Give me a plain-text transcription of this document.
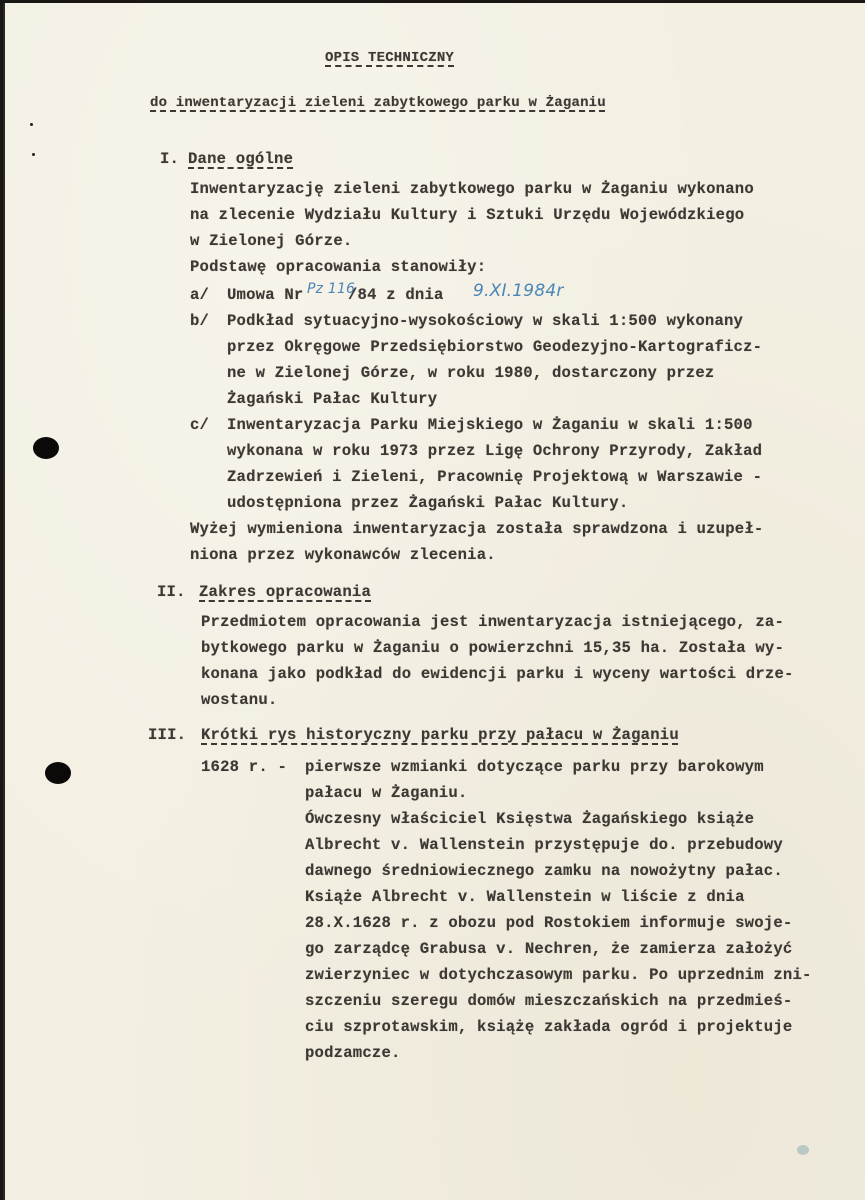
OPIS TECHNICZNY
do inwentaryzacji zieleni zabytkowego parku w Żaganiu
I. Dane ogólne
Inwentaryzację zieleni zabytkowego parku w Żaganiu wykonano
na zlecenie Wydziału Kultury i Sztuki Urzędu Wojewódzkiego
w Zielonej Górze.
Podstawę opracowania stanowiły:
a/ Umowa Nr Pz 116
/84 z dnia 9.XI.1984r
b/ Podkład sytuacyjno-wysokościowy w skali 1:500 wykonany
przez Okręgowe Przedsiębiorstwo Geodezyjno-Kartograficz-
ne w Zielonej Górze, w roku 1980, dostarczony przez
Żagański Pałac Kultury
c/ Inwentaryzacja Parku Miejskiego w Żaganiu w skali 1:500
wykonana w roku 1973 przez Ligę Ochrony Przyrody, Zakład
Zadrzewień i Zieleni, Pracownię Projektową w Warszawie -
udostępniona przez Żagański Pałac Kultury.
Wyżej wymieniona inwentaryzacja została sprawdzona i uzupeł-
niona przez wykonawców zlecenia.
II. Zakres opracowania
Przedmiotem opracowania jest inwentaryzacja istniejącego, za-
bytkowego parku w Żaganiu o powierzchni 15,35 ha. Została wy-
konana jako podkład do ewidencji parku i wyceny wartości drze-
wostanu.
III. Krótki rys historyczny parku przy pałacu w Żaganiu
1628 r. - pierwsze wzmianki dotyczące parku przy barokowym
pałacu w Żaganiu.
Ówczesny właściciel Księstwa Żagańskiego książe
Albrecht v. Wallenstein przystępuje do. przebudowy
dawnego średniowiecznego zamku na nowożytny pałac.
Książe Albrecht v. Wallenstein w liście z dnia
28.X.1628 r. z obozu pod Rostokiem informuje swoje-
go zarządcę Grabusa v. Nechren, że zamierza założyć
zwierzyniec w dotychczasowym parku. Po uprzednim zni-
szczeniu szeregu domów mieszczańskich na przedmieś-
ciu szprotawskim, książę zakłada ogród i projektuje
podzamcze.
